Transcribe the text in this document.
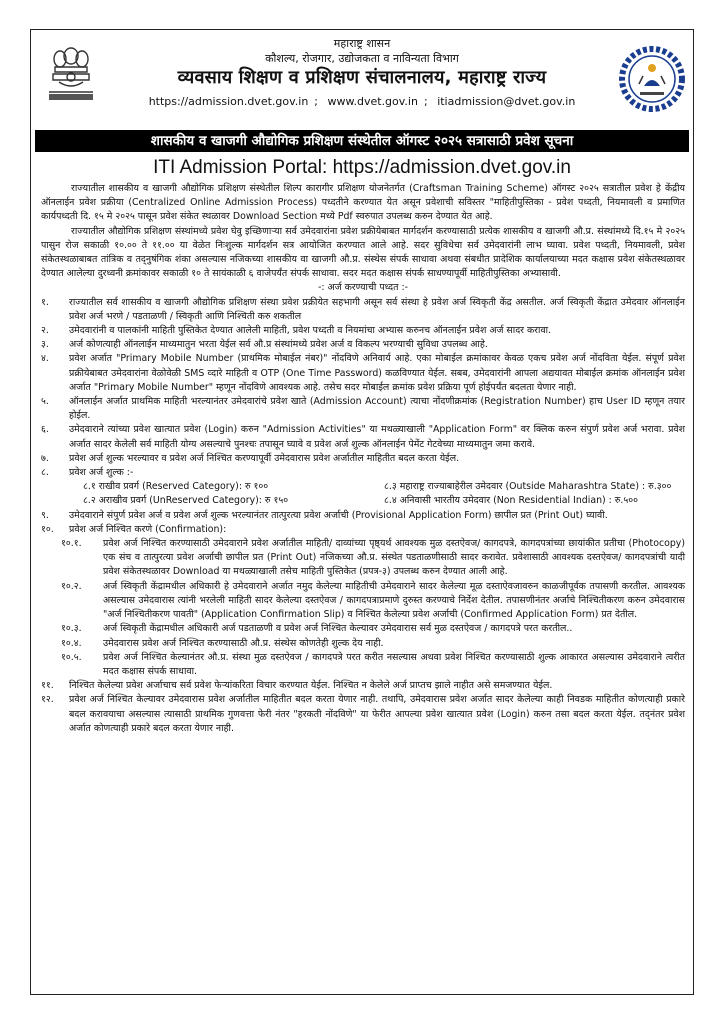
महाराष्ट्र शासन
कौशल्य, रोजगार, उद्योजकता व नाविन्यता विभाग
व्यवसाय शिक्षण व प्रशिक्षण संचालनालय, महाराष्ट्र राज्य
https://admission.dvet.gov.in ; www.dvet.gov.in ; itiadmission@dvet.gov.in
शासकीय व खाजगी औद्योगिक प्रशिक्षण संस्थेतील ऑगस्ट २०२५ सत्रासाठी प्रवेश सूचना
ITI Admission Portal: https://admission.dvet.gov.in

राज्यातील शासकीय व खाजगी औद्योगिक प्रशिक्षण संस्थेतील शिल्प कारागीर प्रशिक्षण योजनेतर्गत (Craftsman Training Scheme) ऑगस्ट २०२५ सत्रातील प्रवेश हे केंद्रीय ऑनलाईन प्रवेश प्रक्रीया (Centralized Online Admission Process) पध्दतीने करण्यात येत असून प्रवेशाची सविस्तर "माहितीपुस्तिका - प्रवेश पध्दती, नियमावली व प्रमाणित कार्यपध्दती दि. १५ मे २०२५ पासून प्रवेश संकेत स्थळावर Download Section मध्ये Pdf स्वरुपात उपलब्ध करुन देण्यात येत आहे.

राज्यातील औद्योगिक प्रशिक्षण संस्थांमध्ये प्रवेश घेवु इच्छिणाऱ्या सर्व उमेदवारांना प्रवेश प्रक्रीयेबाबत मार्गदर्शन करण्यासाठी प्रत्येक शासकीय व खाजगी औ.प्र. संस्थांमध्ये दि.१५ मे २०२५ पासुन रोज सकाळी १०.०० ते ११.०० या वेळेत निःशुल्क मार्गदर्शन सत्र आयोजित करण्यात आले आहे. सदर सुविधेचा सर्व उमेदवारांनी लाभ घ्यावा. प्रवेश पध्दती, नियमावली, प्रवेश संकेतस्थळाबाबत तांत्रिक व तद्नुषंगिक शंका असल्यास नजिकच्या शासकीय वा खाजगी औ.प्र. संस्थेस संपर्क साधावा अथवा संबधीत प्रादेशिक कार्यालयाच्या मदत कक्षास प्रवेश संकेतस्थळावर देण्यात आलेल्या दुरध्वनी क्रमांकावर सकाळी १० ते सायंकाळी ६ वाजेपर्यंत संपर्क साधावा. सदर मदत कक्षास संपर्क साधण्यापूर्वी माहितीपुस्तिका अभ्यासावी.

-: अर्ज करण्याची पध्दत :-

१. राज्यातील सर्व शासकीय व खाजगी औद्योगिक प्रशिक्षण संस्था प्रवेश प्रक्रीयेत सहभागी असून सर्व संस्था हे प्रवेश अर्ज स्विकृती केंद्र असतील. अर्ज स्विकृती केंद्रात उमेदवार ऑनलाईन प्रवेश अर्ज भरणे / पडताळणी / स्विकृती आणि निश्चिती करु शकतील
२. उमेदवारांनी व पालकांनी माहिती पुस्तिकेत देण्यात आलेली माहिती, प्रवेश पध्दती व नियमांचा अभ्यास करुनच ऑनलाईन प्रवेश अर्ज सादर करावा.
३. अर्ज कोणत्याही ऑनलाईन माध्यमातुन भरता येईल सर्व औ.प्र संस्थांमध्ये प्रवेश अर्ज व विकल्प भरण्याची सुविधा उपलब्ध आहे.
४. प्रवेश अर्जात "Primary Mobile Number (प्राथमिक मोबाईल नंबर)" नोंदविणे अनिवार्य आहे. एका मोबाईल क्रमांकावर केवळ एकच प्रवेश अर्ज नोंदविता येईल. संपूर्ण प्रवेश प्रक्रीयेबाबत उमेदवारांना वेळोवेळी SMS व्दारे माहिती व OTP (One Time Password) कळविण्यात येईल. सबब, उमेदवारांनी आपला अद्ययावत मोबाईल क्रमांक ऑनलाईन प्रवेश अर्जात "Primary Mobile Number" म्हणून नोंदविणे आवश्यक आहे. तसेच सदर मोबाईल क्रमांक प्रवेश प्रक्रिया पूर्ण होईपर्यंत बदलता येणार नाही.
५. ऑनलाईन अर्जात प्राथमिक माहिती भरल्यानंतर उमेदवारांचे प्रवेश खाते (Admission Account) त्याचा नोंदणीक्रमांक (Registration Number) हाच User ID म्हणून तयार होईल.
६. उमेदवाराने त्यांच्या प्रवेश खात्यात प्रवेश (Login) करुन "Admission Activities" या मथळ्याखाली "Application Form" वर क्लिक करुन संपुर्ण प्रवेश अर्ज भरावा. प्रवेश अर्जात सादर केलेली सर्व माहिती योग्य असल्याचे पुनश्चः तपासून घ्यावे व प्रवेश अर्ज शुल्क ऑनलाईन पेमेंट गेटवेच्या माध्यमातुन जमा करावे.
७. प्रवेश अर्ज शुल्क भरल्यावर व प्रवेश अर्ज निश्चित करण्यापूर्वी उमेदवारास प्रवेश अर्जातील माहितीत बदल करता येईल.
८. प्रवेश अर्ज शुल्क :-
८.१ राखीव प्रवर्ग (Reserved Category): रु १००	८.३ महाराष्ट्र राज्याबाहेरील उमेदवार (Outside Maharashtra State) : रु.३००
८.२ अराखीव प्रवर्ग (UnReserved Category): रु १५०	८.४ अनिवासी भारतीय उमेदवार (Non Residential Indian) : रु.५००
९. उमेदवाराने संपुर्ण प्रवेश अर्ज व प्रवेश अर्ज शुल्क भरल्यानंतर तात्पुरत्या प्रवेश अर्जाची (Provisional Application Form) छापील प्रत (Print Out) घ्यावी.
१०. प्रवेश अर्ज निश्चित करणे (Confirmation):
१०.१. प्रवेश अर्ज निश्चित करण्यासाठी उमेदवाराने प्रवेश अर्जातील माहिती/ दाव्यांच्या पृष्ठ्यर्थ आवश्यक मुळ दस्तऐवज/ कागदपत्रे, कागदपत्रांच्या छायांकीत प्रतीचा (Photocopy) एक संच व तात्पुरत्या प्रवेश अर्जाची छापील प्रत (Print Out) नजिकच्या औ.प्र. संस्थेत पडताळणीसाठी सादर करावेत. प्रवेशासाठी आवश्यक दस्तऐवज/ कागदपत्रांची यादी प्रवेश संकेतस्थळावर Download या मथळ्याखाली तसेच माहिती पुस्तिकेत (प्रपत्र-३) उपलब्ध करुन देण्यात आली आहे.
१०.२. अर्ज स्विकृती केंद्रामधील अधिकारी हे उमेदवाराने अर्जात नमुद केलेल्या माहितीची उमेदवाराने सादर केलेल्या मूळ दस्ताऐवजावरुन काळजीपूर्वक तपासणी करतील. आवश्यक असल्यास उमेदवारास त्यांनी भरलेली माहिती सादर केलेल्या दस्तऐवज / कागदपत्राप्रमाणे दुरुस्त करण्याचे निर्देश देतील. तपासणीनंतर अर्जाचे निश्चितीकरण करुन उमेदवारास "अर्ज निश्चितीकरण पावती" (Application Confirmation Slip) व निश्चित केलेल्या प्रवेश अर्जाची (Confirmed Application Form) प्रत देतील.
१०.३. अर्ज स्विकृती केंद्रामधील अधिकारी अर्ज पडताळणी व प्रवेश अर्ज निश्चित केल्यावर उमेदवारास सर्व मुळ दस्तऐवज / कागदपत्रे परत करतील..
१०.४. उमेदवारास प्रवेश अर्ज निश्चित करण्यासाठी औ.प्र. संस्थेस कोणतेही शुल्क देय नाही.
१०.५. प्रवेश अर्ज निश्चित केल्यानंतर औ.प्र. संस्था मुळ दस्तऐवज / कागदपत्रे परत करीत नसल्यास अथवा प्रवेश निश्चित करण्यासाठी शुल्क आकारत असल्यास उमेदवाराने त्वरीत मदत कक्षास संपर्क साधावा.
११. निश्चित केलेल्या प्रवेश अर्जाचाच सर्व प्रवेश फेऱ्यांकरिता विचार करण्यात येईल. निश्चित न केलेले अर्ज प्राप्तच झाले नाहीत असे समजण्यात येईल.
१२. प्रवेश अर्ज निश्चित केल्यावर उमेदवारास प्रवेश अर्जातील माहितीत बदल करता येणार नाही. तथापि, उमेदवारास प्रवेश अर्जात सादर केलेल्या काही निवडक माहितीत कोणत्याही प्रकारे बदल करावयाचा असल्यास त्यासाठी प्राथमिक गुणवत्ता फेरी नंतर "हरकती नोंदविणे" या फेरीत आपल्या प्रवेश खात्यात प्रवेश (Login) करुन तसा बदल करता येईल. तद्नंतर प्रवेश अर्जात कोणत्याही प्रकारे बदल करता येणार नाही.
